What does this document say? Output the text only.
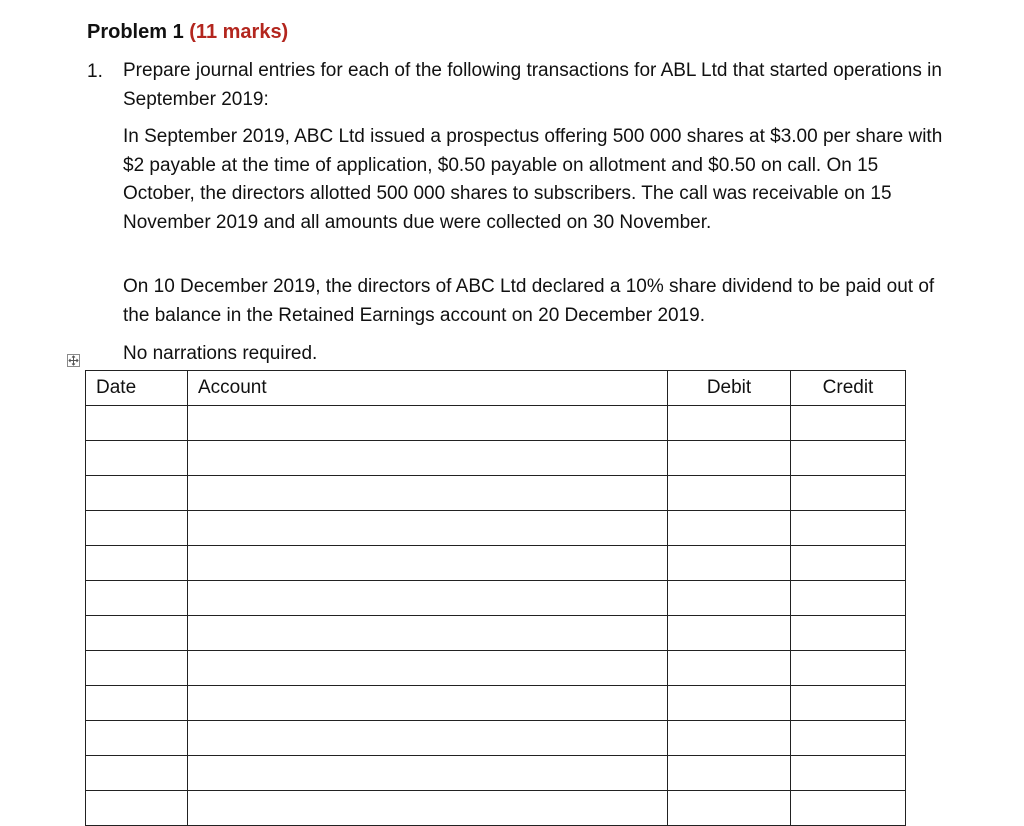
Problem 1 (11 marks)
1. Prepare journal entries for each of the following transactions for ABL Ltd that started operations in September 2019:

In September 2019, ABC Ltd issued a prospectus offering 500 000 shares at $3.00 per share with $2 payable at the time of application, $0.50 payable on allotment and $0.50 on call. On 15 October, the directors allotted 500 000 shares to subscribers. The call was receivable on 15 November 2019 and all amounts due were collected on 30 November.

On 10 December 2019, the directors of ABC Ltd declared a 10% share dividend to be paid out of the balance in the Retained Earnings account on 20 December 2019.

No narrations required.

Date	Account	Debit	Credit
